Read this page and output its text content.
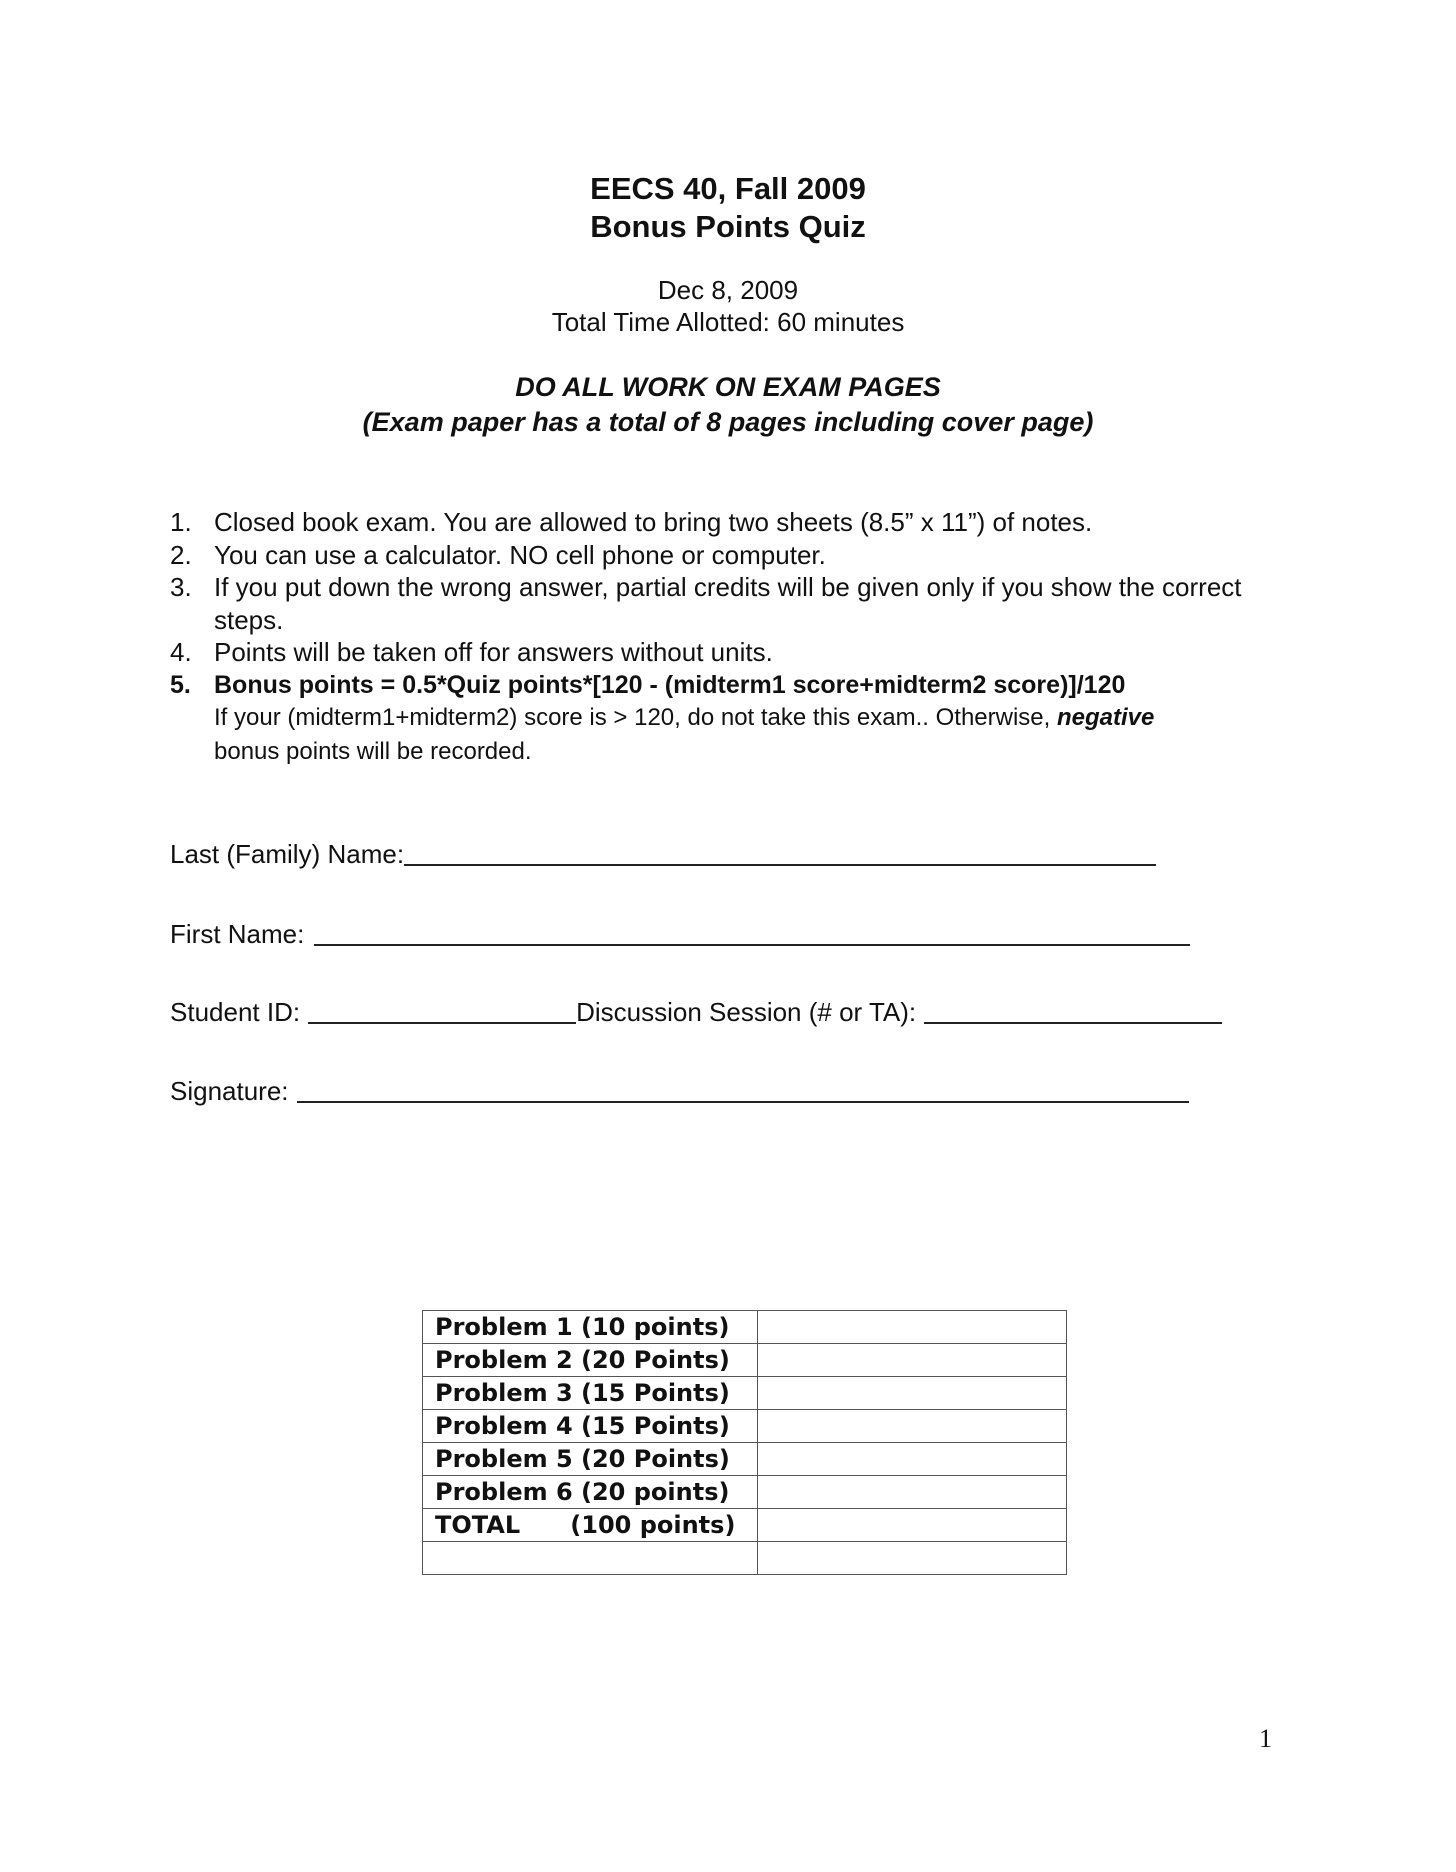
EECS 40, Fall 2009
Bonus Points Quiz
Dec 8, 2009
Total Time Allotted: 60 minutes
DO ALL WORK ON EXAM PAGES
(Exam paper has a total of 8 pages including cover page)
1. Closed book exam. You are allowed to bring two sheets (8.5” x 11”) of notes.
2. You can use a calculator. NO cell phone or computer.
3. If you put down the wrong answer, partial credits will be given only if you show the correct steps.
4. Points will be taken off for answers without units.
5. Bonus points = 0.5*Quiz points*[120 - (midterm1 score+midterm2 score)]/120
If your (midterm1+midterm2) score is > 120, do not take this exam.. Otherwise, negative
bonus points will be recorded.
Last (Family) Name:
First Name:
Student ID:	Discussion Session (# or TA):
Signature:
Problem 1 (10 points)	
Problem 2 (20 Points)	
Problem 3 (15 Points)	
Problem 4 (15 Points)	
Problem 5 (20 Points)	
Problem 6 (20 points)	
TOTAL      (100 points)	

1
